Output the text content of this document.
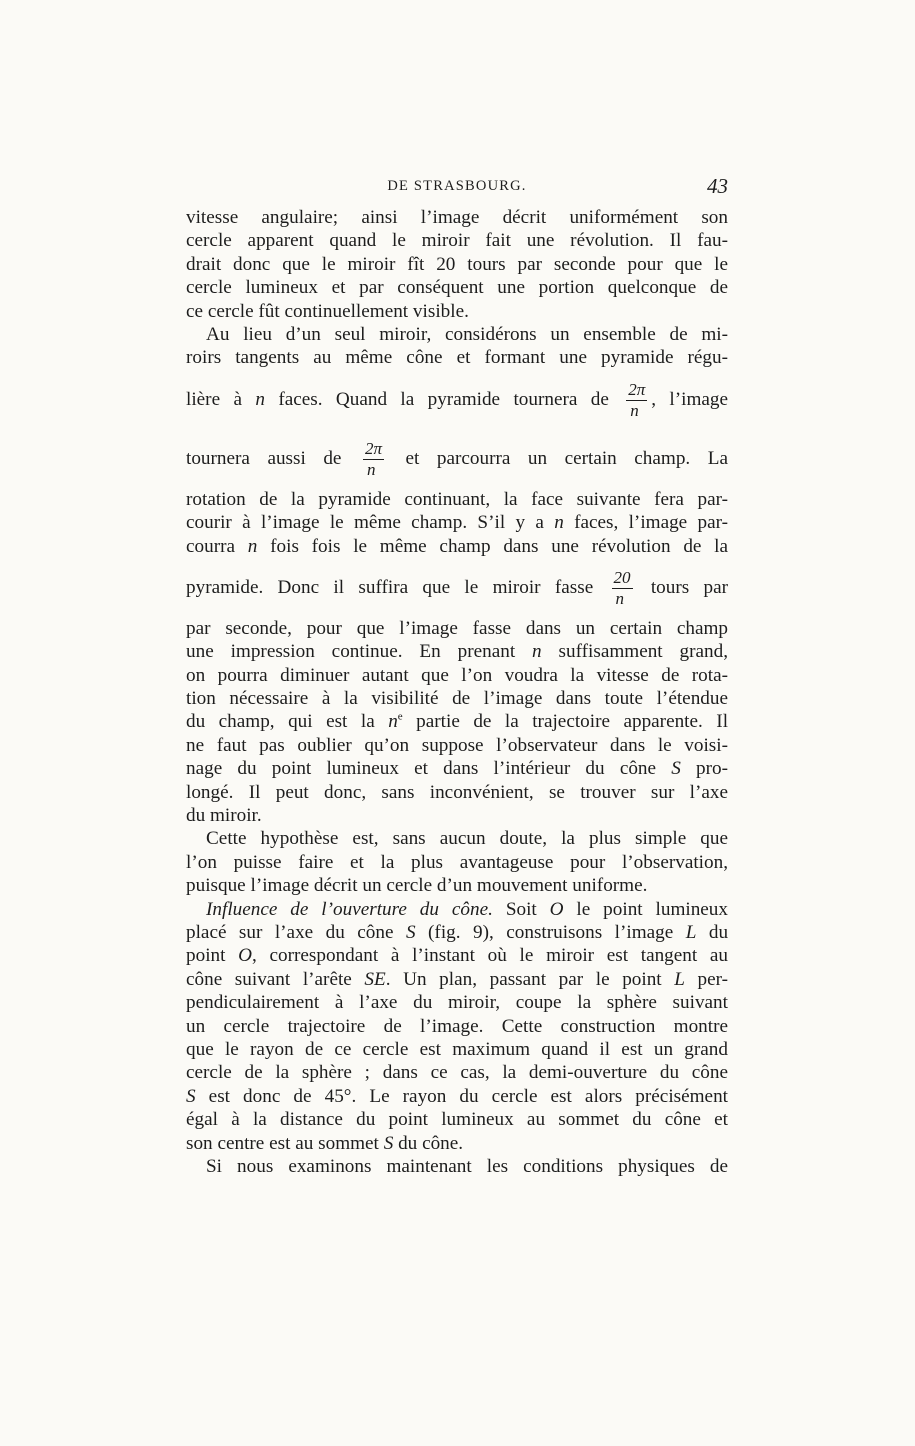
DE STRASBOURG.	43
vitesse angulaire; ainsi l’image décrit uniformément son
cercle apparent quand le miroir fait une révolution. Il fau-
drait donc que le miroir fît 20 tours par seconde pour que le
cercle lumineux et par conséquent une portion quelconque de
ce cercle fût continuellement visible.
Au lieu d’un seul miroir, considérons un ensemble de mi-
roirs tangents au même cône et formant une pyramide régu-
lière à n faces. Quand la pyramide tournera de $\frac{2\pi}{n}$ , l’image
tournera aussi de $\frac{2\pi}{n}$ et parcourra un certain champ. La
rotation de la pyramide continuant, la face suivante fera par-
courir à l’image le même champ. S’il y a n faces, l’image par-
courra n fois fois le même champ dans une révolution de la
pyramide. Donc il suffira que le miroir fasse $\frac{20}{n}$ tours par
par seconde, pour que l’image fasse dans un certain champ
une impression continue. En prenant n suffisamment grand,
on pourra diminuer autant que l’on voudra la vitesse de rota-
tion nécessaire à la visibilité de l’image dans toute l’étendue
du champ, qui est la $n^e$ partie de la trajectoire apparente. Il
ne faut pas oublier qu’on suppose l’observateur dans le voisi-
nage du point lumineux et dans l’intérieur du cône S pro-
longé. Il peut donc, sans inconvénient, se trouver sur l’axe
du miroir.
Cette hypothèse est, sans aucun doute, la plus simple que
l’on puisse faire et la plus avantageuse pour l’observation,
puisque l’image décrit un cercle d’un mouvement uniforme.
Influence de l’ouverture du cône. Soit O le point lumineux
placé sur l’axe du cône S (fig. 9), construisons l’image L du
point O, correspondant à l’instant où le miroir est tangent au
cône suivant l’arête SE. Un plan, passant par le point L per-
pendiculairement à l’axe du miroir, coupe la sphère suivant
un cercle trajectoire de l’image. Cette construction montre
que le rayon de ce cercle est maximum quand il est un grand
cercle de la sphère ; dans ce cas, la demi-ouverture du cône
S est donc de 45°. Le rayon du cercle est alors précisément
égal à la distance du point lumineux au sommet du cône et
son centre est au sommet S du cône.
Si nous examinons maintenant les conditions physiques de
